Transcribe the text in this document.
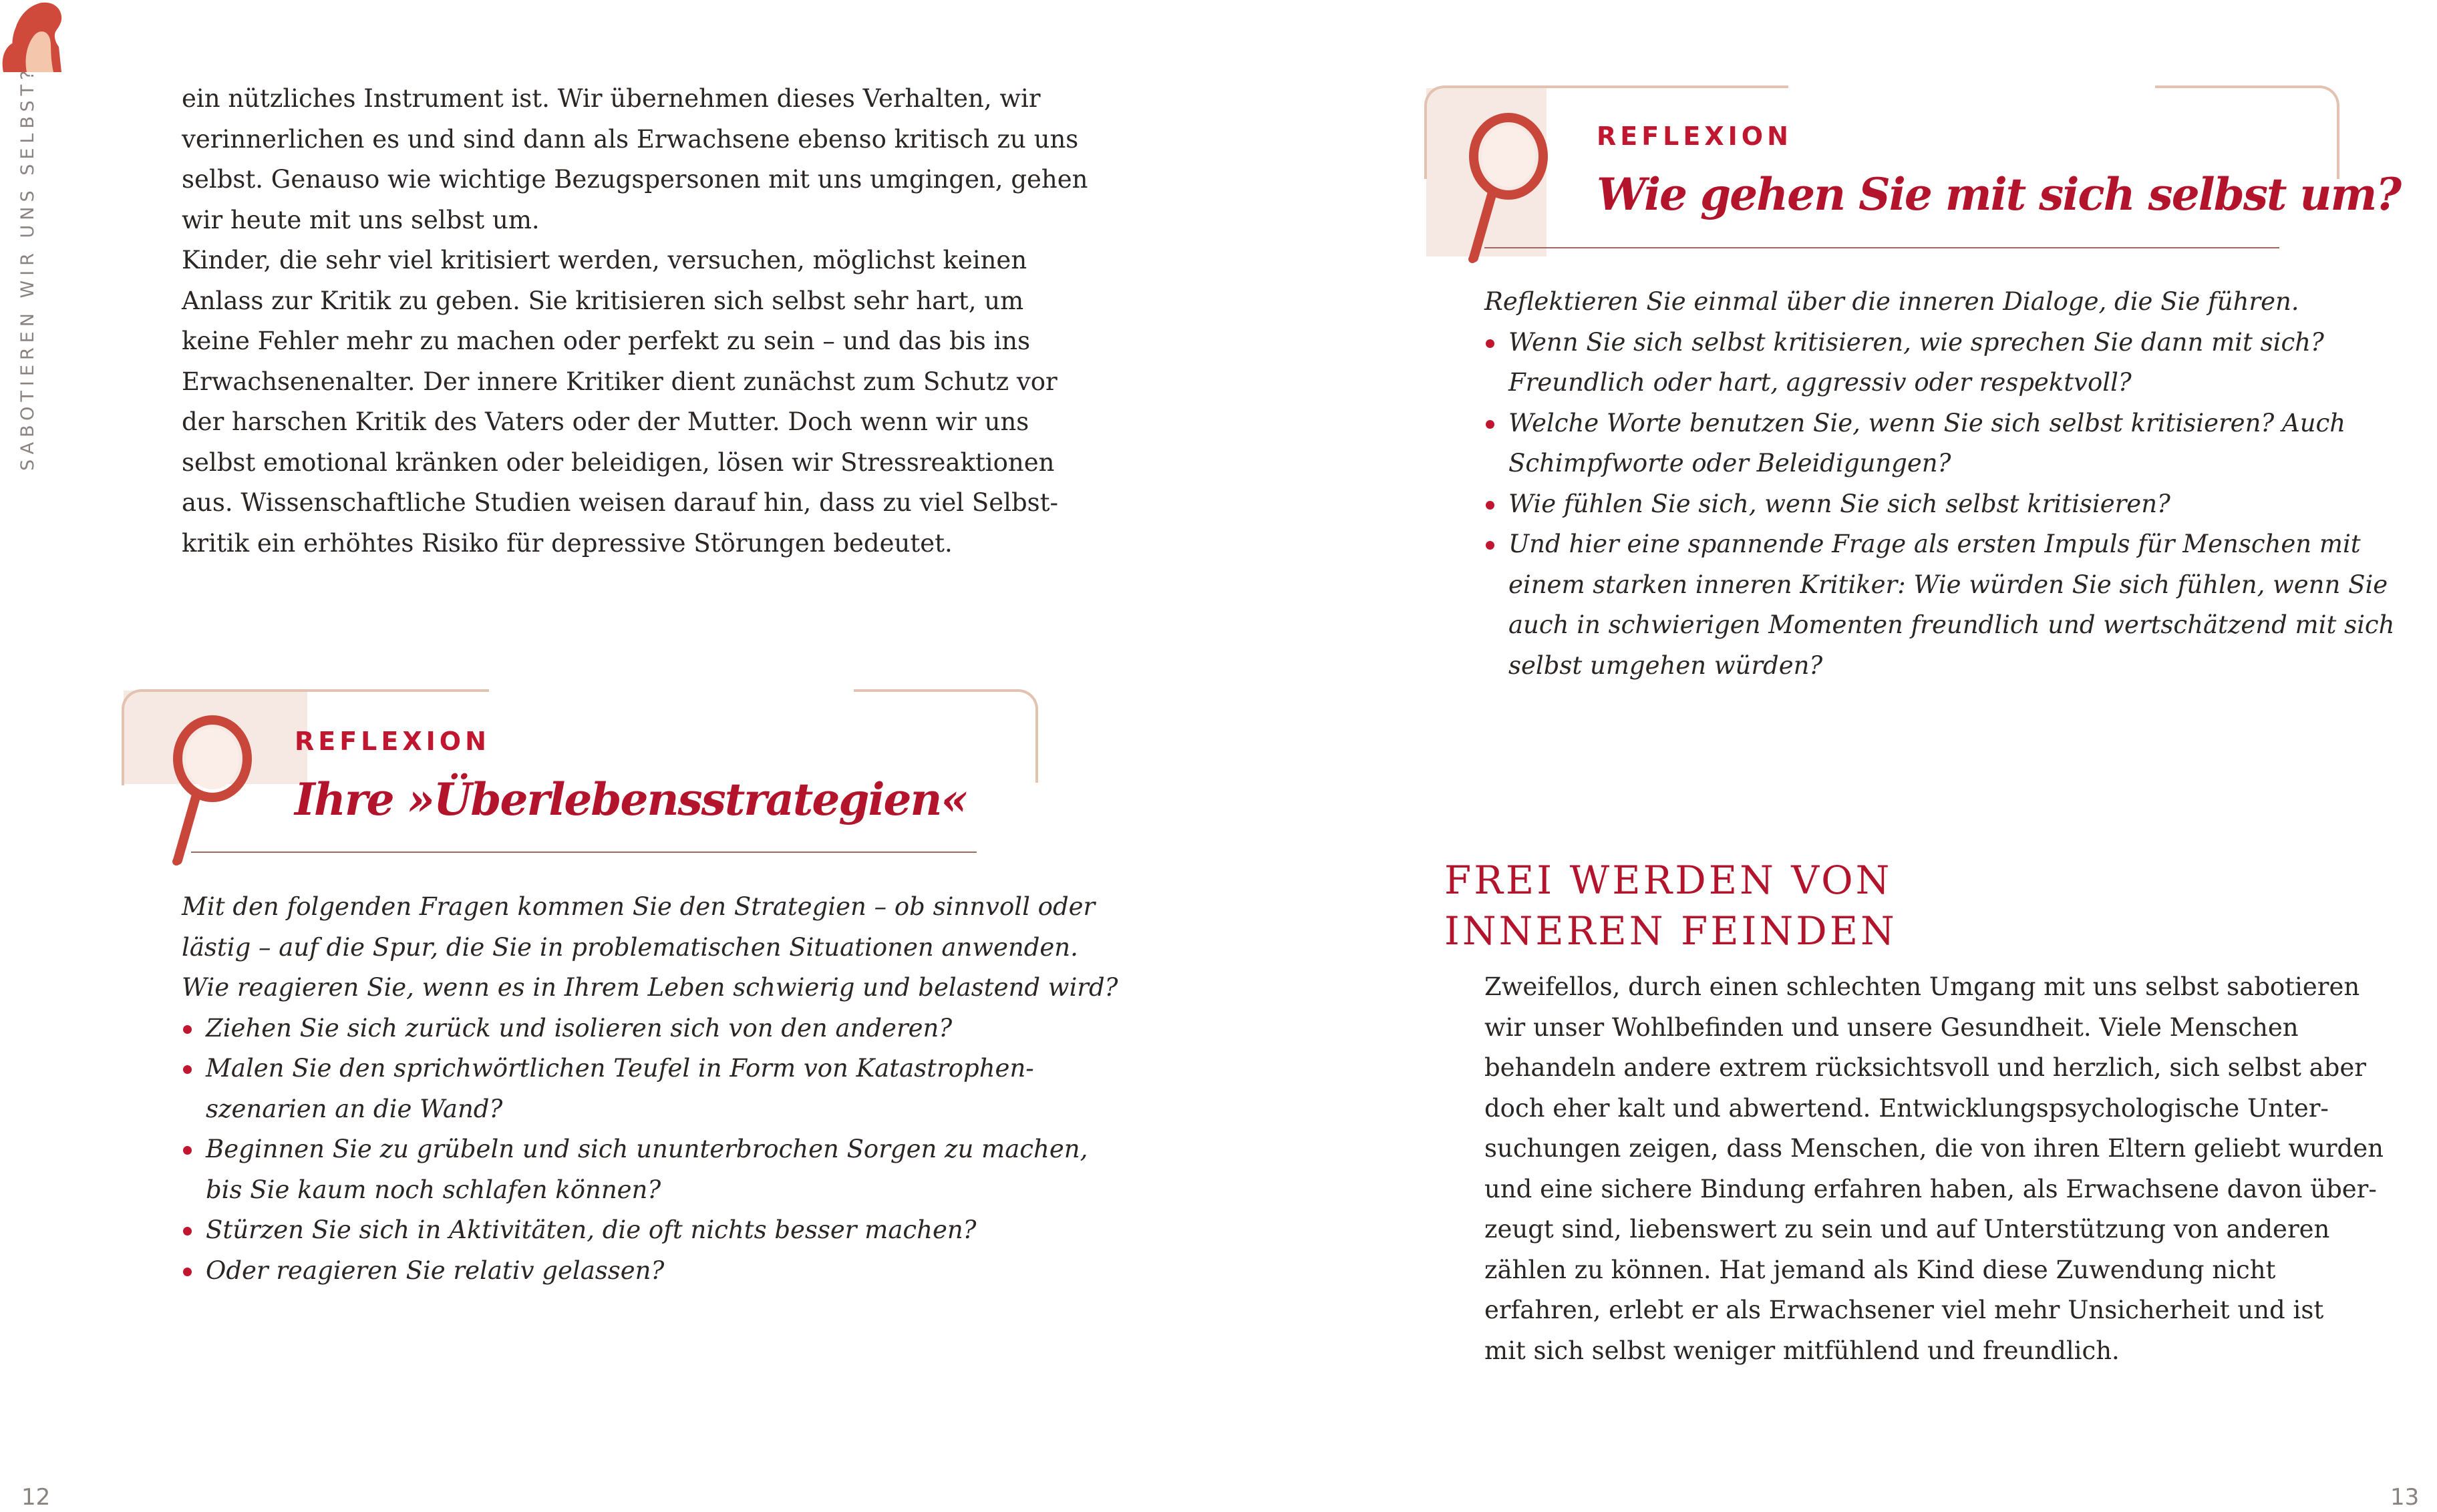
SABOTIEREN WIR UNS SELBST?
12	13
ein nützliches Instrument ist. Wir übernehmen dieses Verhalten, wir
verinnerlichen es und sind dann als Erwachsene ebenso kritisch zu uns
selbst. Genauso wie wichtige Bezugspersonen mit uns umgingen, gehen
wir heute mit uns selbst um.
Kinder, die sehr viel kritisiert werden, versuchen, möglichst keinen
Anlass zur Kritik zu geben. Sie kritisieren sich selbst sehr hart, um
keine Fehler mehr zu machen oder perfekt zu sein – und das bis ins
Erwachsenenalter. Der innere Kritiker dient zunächst zum Schutz vor
der harschen Kritik des Vaters oder der Mutter. Doch wenn wir uns
selbst emotional kränken oder beleidigen, lösen wir Stressreaktionen
aus. Wissenschaftliche Studien weisen darauf hin, dass zu viel Selbst-
kritik ein erhöhtes Risiko für depressive Störungen bedeutet.
REFLEXION
Ihre »Überlebensstrategien«
Mit den folgenden Fragen kommen Sie den Strategien – ob sinnvoll oder
lästig – auf die Spur, die Sie in problematischen Situationen anwenden.
Wie reagieren Sie, wenn es in Ihrem Leben schwierig und belastend wird?
Ziehen Sie sich zurück und isolieren sich von den anderen?
Malen Sie den sprichwörtlichen Teufel in Form von Katastrophen-
szenarien an die Wand?
Beginnen Sie zu grübeln und sich ununterbrochen Sorgen zu machen,
bis Sie kaum noch schlafen können?
Stürzen Sie sich in Aktivitäten, die oft nichts besser machen?
Oder reagieren Sie relativ gelassen?
REFLEXION
Wie gehen Sie mit sich selbst um?
Reflektieren Sie einmal über die inneren Dialoge, die Sie führen.
Wenn Sie sich selbst kritisieren, wie sprechen Sie dann mit sich?
Freundlich oder hart, aggressiv oder respektvoll?
Welche Worte benutzen Sie, wenn Sie sich selbst kritisieren? Auch
Schimpfworte oder Beleidigungen?
Wie fühlen Sie sich, wenn Sie sich selbst kritisieren?
Und hier eine spannende Frage als ersten Impuls für Menschen mit
einem starken inneren Kritiker: Wie würden Sie sich fühlen, wenn Sie
auch in schwierigen Momenten freundlich und wertschätzend mit sich
selbst umgehen würden?
FREI WERDEN VON
INNEREN FEINDEN
Zweifellos, durch einen schlechten Umgang mit uns selbst sabotieren
wir unser Wohlbefinden und unsere Gesundheit. Viele Menschen
behandeln andere extrem rücksichtsvoll und herzlich, sich selbst aber
doch eher kalt und abwertend. Entwicklungspsychologische Unter-
suchungen zeigen, dass Menschen, die von ihren Eltern geliebt wurden
und eine sichere Bindung erfahren haben, als Erwachsene davon über-
zeugt sind, liebenswert zu sein und auf Unterstützung von anderen
zählen zu können. Hat jemand als Kind diese Zuwendung nicht
erfahren, erlebt er als Erwachsener viel mehr Unsicherheit und ist
mit sich selbst weniger mitfühlend und freundlich.
